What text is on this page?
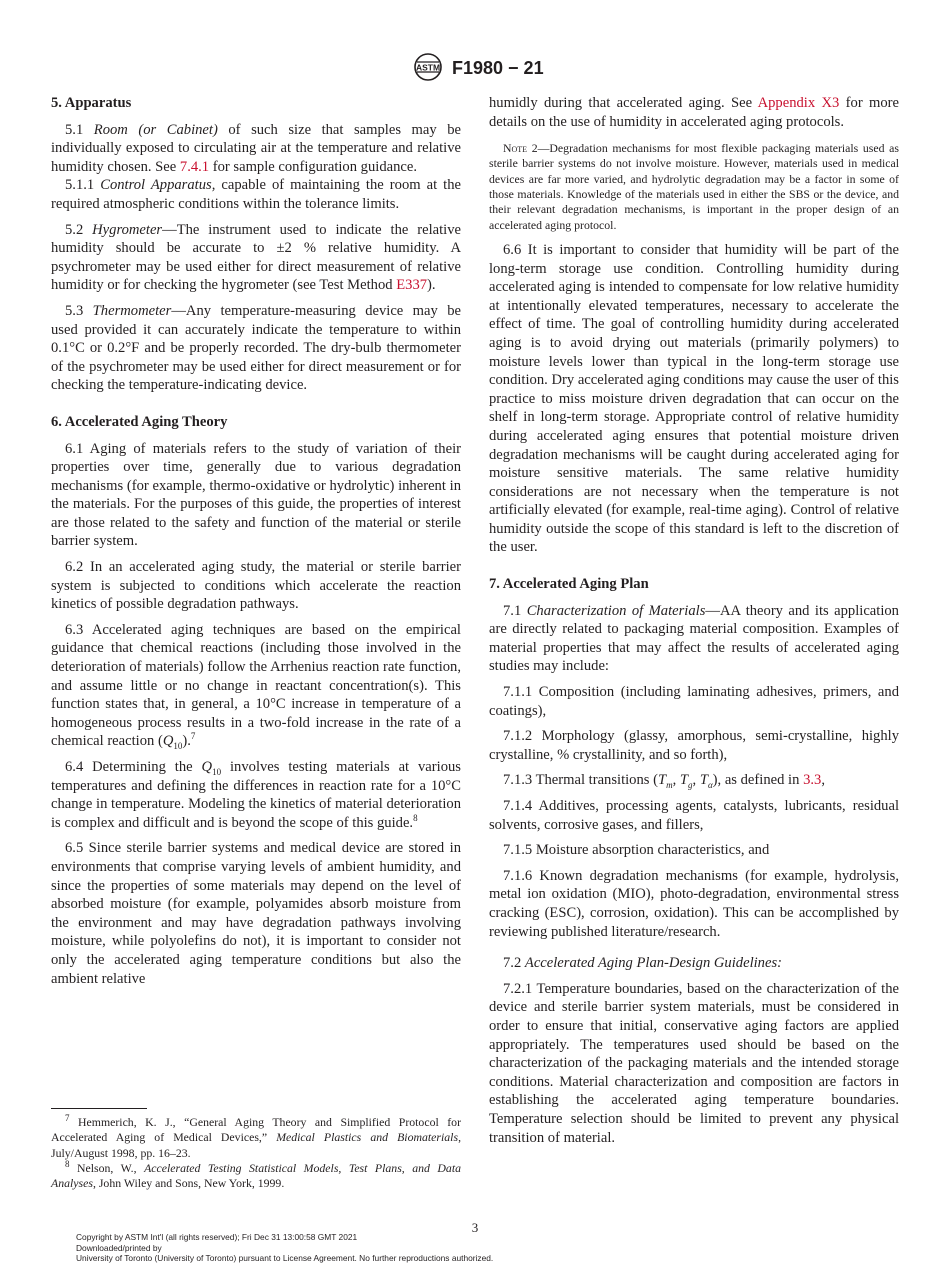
ASTM F1980 − 21
5. Apparatus

5.1 Room (or Cabinet) of such size that samples may be individually exposed to circulating air at the temperature and relative humidity chosen. See 7.4.1 for sample configuration guidance.

5.1.1 Control Apparatus, capable of maintaining the room at the required atmospheric conditions within the tolerance limits.

5.2 Hygrometer—The instrument used to indicate the relative humidity should be accurate to ±2 % relative humidity. A psychrometer may be used either for direct measurement of relative humidity or for checking the hygrometer (see Test Method E337).

5.3 Thermometer—Any temperature-measuring device may be used provided it can accurately indicate the temperature to within 0.1°C or 0.2°F and be properly recorded. The dry-bulb thermometer of the psychrometer may be used either for direct measurement or for checking the temperature-indicating device.

6. Accelerated Aging Theory

6.1 Aging of materials refers to the study of variation of their properties over time, generally due to various degradation mechanisms (for example, thermo-oxidative or hydrolytic) inherent in the materials. For the purposes of this guide, the properties of interest are those related to the safety and function of the material or sterile barrier system.

6.2 In an accelerated aging study, the material or sterile barrier system is subjected to conditions which accelerate the reaction kinetics of possible degradation pathways.

6.3 Accelerated aging techniques are based on the empirical guidance that chemical reactions (including those involved in the deterioration of materials) follow the Arrhenius reaction rate function, and assume little or no change in reactant concentration(s). This function states that, in general, a 10°C increase in temperature of a homogeneous process results in a two-fold increase in the rate of a chemical reaction $(Q_{10}).^7$

6.4 Determining the $Q_{10}$ involves testing materials at various temperatures and defining the differences in reaction rate for a 10°C change in temperature. Modeling the kinetics of material deterioration is complex and difficult and is beyond the scope of this guide.$^8$

6.5 Since sterile barrier systems and medical device are stored in environments that comprise varying levels of ambient humidity, and since the properties of some materials may depend on the level of absorbed moisture (for example, polyamides absorb moisture from the environment and may have degradation pathways involving moisture, while polyolefins do not), it is important to consider not only the accelerated aging temperature conditions but also the ambient relative

$^7$ Hemmerich, K. J., “General Aging Theory and Simplified Protocol for Accelerated Aging of Medical Devices,” Medical Plastics and Biomaterials, July/August 1998, pp. 16–23.

$^8$ Nelson, W., Accelerated Testing Statistical Models, Test Plans, and Data Analyses, John Wiley and Sons, New York, 1999.

humidly during that accelerated aging. See Appendix X3 for more details on the use of humidity in accelerated aging protocols.

Note 2—Degradation mechanisms for most flexible packaging materials used as sterile barrier systems do not involve moisture. However, materials used in medical devices are far more varied, and hydrolytic degradation may be a factor in some of those materials. Knowledge of the materials used in either the SBS or the device, and their relevant degradation mechanisms, is important in the proper design of an accelerated aging protocol.

6.6 It is important to consider that humidity will be part of the long-term storage use condition. Controlling humidity during accelerated aging is intended to compensate for low relative humidity at intentionally elevated temperatures, necessary to accelerate the effect of time. The goal of controlling humidity during accelerated aging is to avoid drying out materials (primarily polymers) to moisture levels lower than typical in the long-term storage use condition. Dry accelerated aging conditions may cause the user of this practice to miss moisture driven degradation that can occur on the shelf in long-term storage. Appropriate control of relative humidity during accelerated aging ensures that potential moisture driven degradation mechanisms will be caught during accelerated aging for moisture sensitive materials. The same relative humidity considerations are not necessary when the temperature is not artificially elevated (for example, real-time aging). Control of relative humidity outside the scope of this standard is left to the discretion of the user.

7. Accelerated Aging Plan

7.1 Characterization of Materials—AA theory and its application are directly related to packaging material composition. Examples of material properties that may affect the results of accelerated aging studies may include:

7.1.1 Composition (including laminating adhesives, primers, and coatings),

7.1.2 Morphology (glassy, amorphous, semi-crystalline, highly crystalline, % crystallinity, and so forth),

7.1.3 Thermal transitions ($T_m$, $T_g$, $T_\alpha$), as defined in 3.3,

7.1.4 Additives, processing agents, catalysts, lubricants, residual solvents, corrosive gases, and fillers,

7.1.5 Moisture absorption characteristics, and

7.1.6 Known degradation mechanisms (for example, hydrolysis, metal ion oxidation (MIO), photo-degradation, environmental stress cracking (ESC), corrosion, oxidation). This can be accomplished by reviewing published literature/research.

7.2 Accelerated Aging Plan-Design Guidelines:

7.2.1 Temperature boundaries, based on the characterization of the device and sterile barrier system materials, must be considered in order to ensure that initial, conservative aging factors are applied appropriately. The temperatures used should be based on the characterization of the packaging materials and the intended storage conditions. Material characterization and composition are factors in establishing the accelerated aging temperature boundaries. Temperature selection should be limited to prevent any physical transition of material.

3
Copyright by ASTM Int'l (all rights reserved); Fri Dec 31 13:00:58 GMT 2021
Downloaded/printed by
University of Toronto (University of Toronto) pursuant to License Agreement. No further reproductions authorized.
